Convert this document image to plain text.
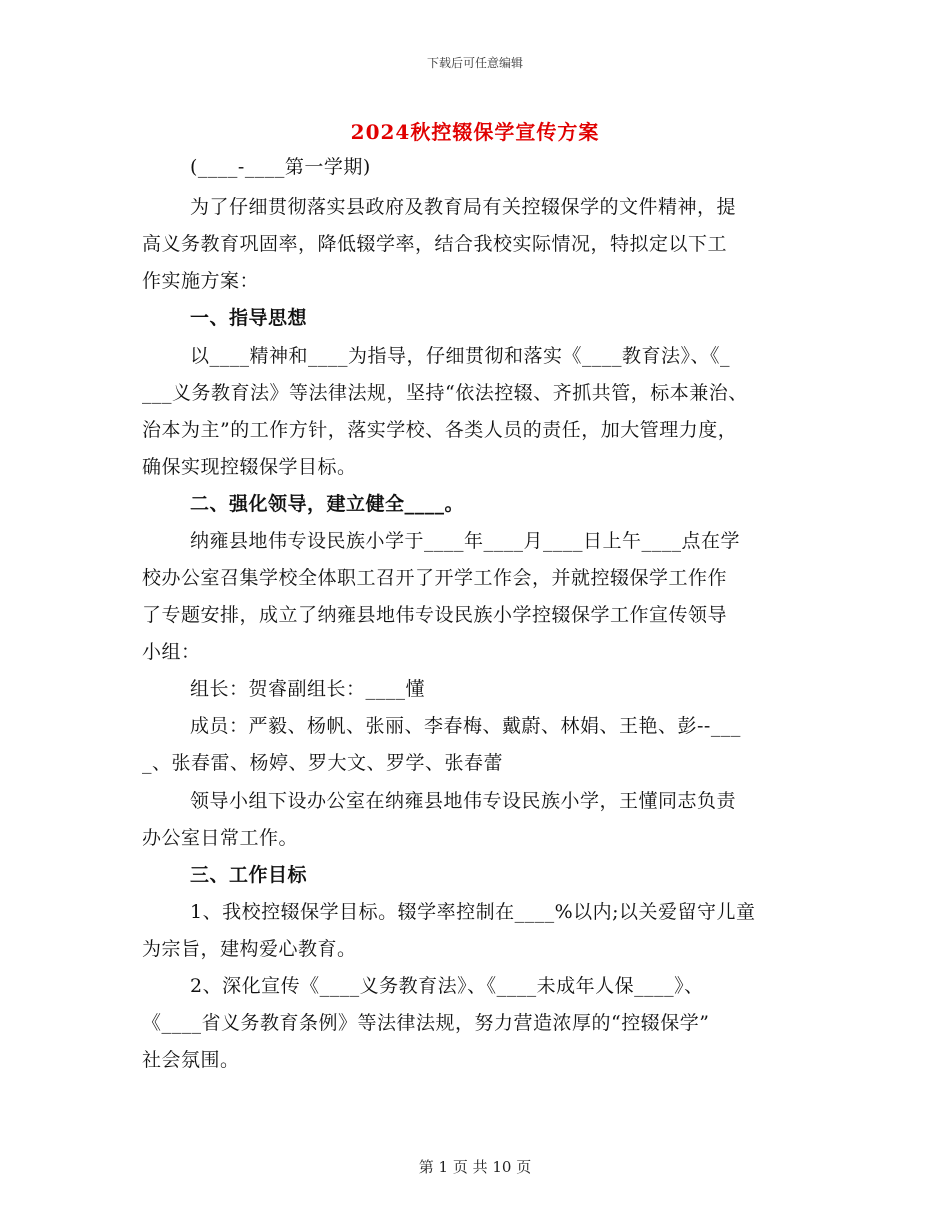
下载后可任意编辑
2024秋控辍保学宣传方案
(____-____第一学期)
为了仔细贯彻落实县政府及教育局有关控辍保学的文件精神，提
高义务教育巩固率，降低辍学率，结合我校实际情况，特拟定以下工
作实施方案：
一、指导思想
以____精神和____为指导，仔细贯彻和落实《____教育法》、《_
___义务教育法》等法律法规，坚持“依法控辍、齐抓共管，标本兼治、
治本为主”的工作方针，落实学校、各类人员的责任，加大管理力度，
确保实现控辍保学目标。
二、强化领导，建立健全____。
纳雍县地伟专设民族小学于____年____月____日上午____点在学
校办公室召集学校全体职工召开了开学工作会，并就控辍保学工作作
了专题安排，成立了纳雍县地伟专设民族小学控辍保学工作宣传领导
小组：
组长：贺睿副组长：____懂
成员：严毅、杨帆、张丽、李春梅、戴蔚、林娟、王艳、彭--___
_、张春雷、杨婷、罗大文、罗学、张春蕾
领导小组下设办公室在纳雍县地伟专设民族小学，王懂同志负责
办公室日常工作。
三、工作目标
1、我校控辍保学目标。辍学率控制在____%以内;以关爱留守儿童
为宗旨，建构爱心教育。
2、深化宣传《____义务教育法》、《____未成年人保____》、
《____省义务教育条例》等法律法规，努力营造浓厚的“控辍保学”
社会氛围。
第 1 页 共 10 页
